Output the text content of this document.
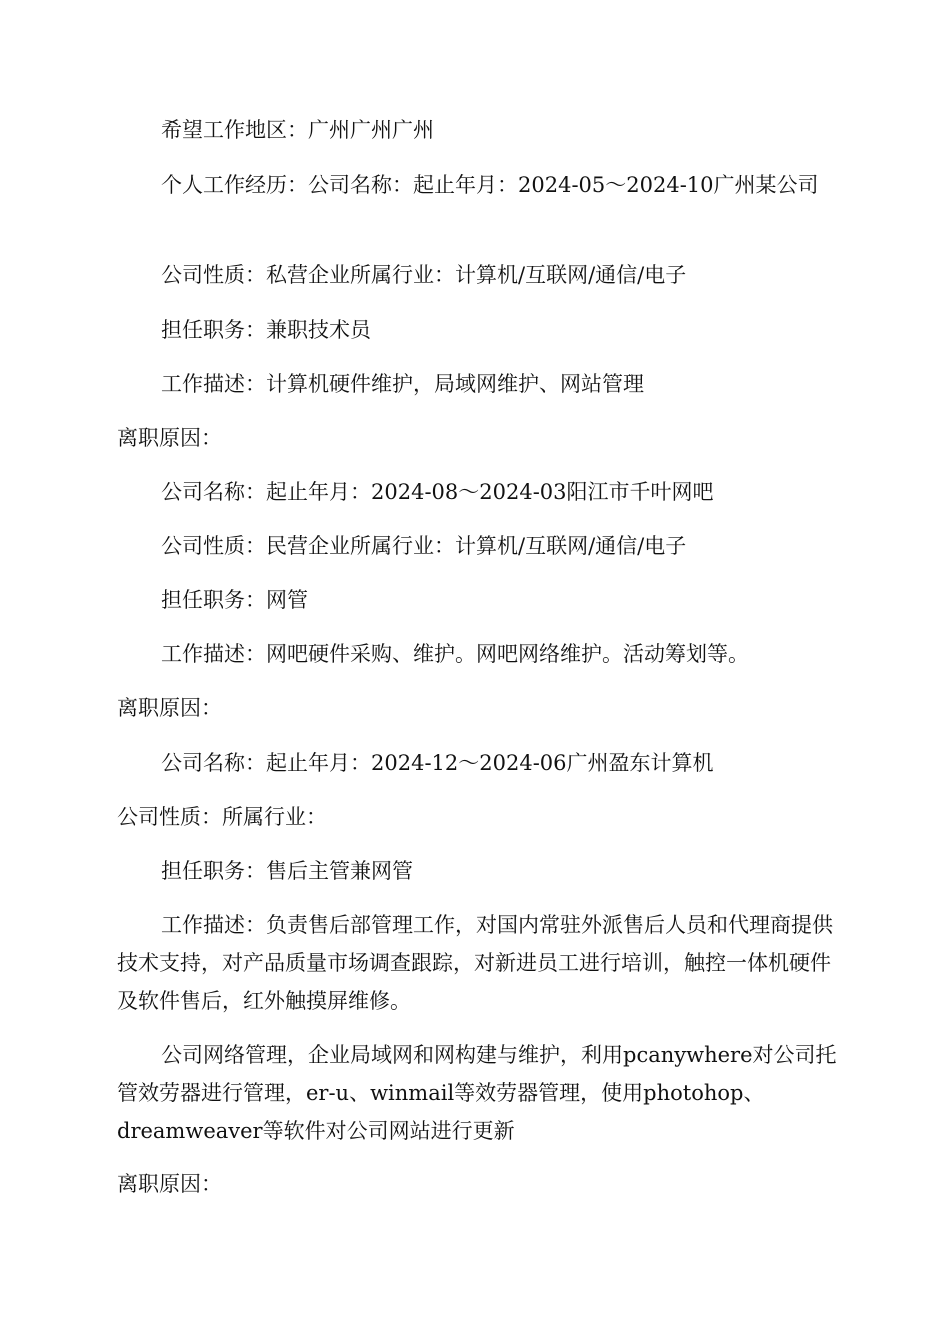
希望工作地区：广州广州广州
个人工作经历：公司名称：起止年月：2024-05～2024-10广州某公司
公司性质：私营企业所属行业：计算机/互联网/通信/电子
担任职务：兼职技术员
工作描述：计算机硬件维护，局域网维护、网站管理
离职原因：
公司名称：起止年月：2024-08～2024-03阳江市千叶网吧
公司性质：民营企业所属行业：计算机/互联网/通信/电子
担任职务：网管
工作描述：网吧硬件采购、维护。网吧网络维护。活动筹划等。
离职原因：
公司名称：起止年月：2024-12～2024-06广州盈东计算机
公司性质：所属行业：
担任职务：售后主管兼网管
工作描述：负责售后部管理工作，对国内常驻外派售后人员和代理商提供技术支持，对产品质量市场调查跟踪，对新进员工进行培训，触控一体机硬件及软件售后，红外触摸屏维修。
公司网络管理，企业局域网和网构建与维护，利用pcanywhere对公司托管效劳器进行管理，er-u、winmail等效劳器管理，使用photohop、dreamweaver等软件对公司网站进行更新
离职原因：
